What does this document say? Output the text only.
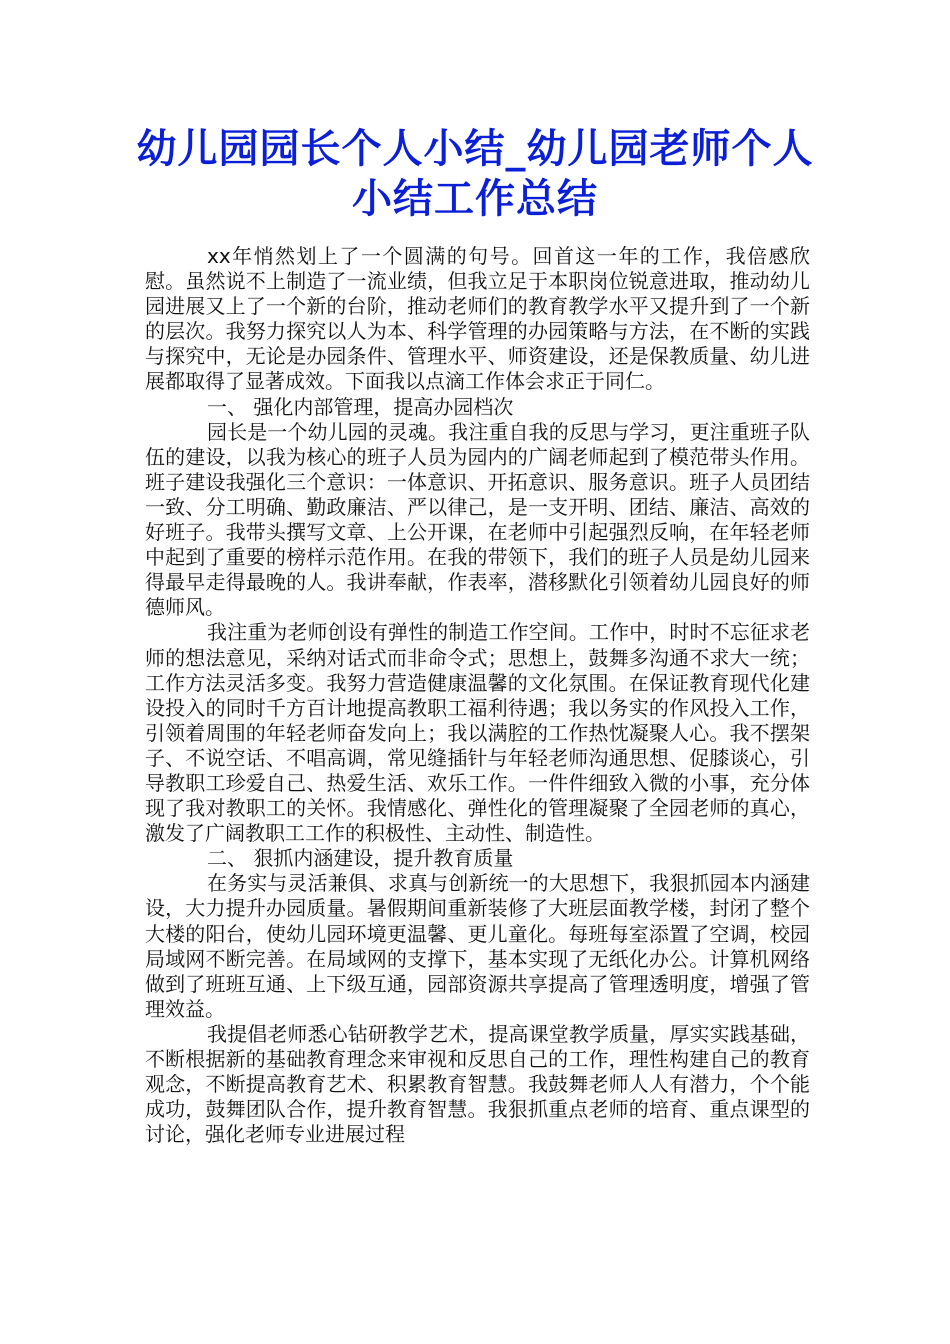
幼儿园园长个人小结_幼儿园老师个人小结工作总结

xx年悄然划上了一个圆满的句号。回首这一年的工作，我倍感欣慰。虽然说不上制造了一流业绩，但我立足于本职岗位锐意进取，推动幼儿园进展又上了一个新的台阶，推动老师们的教育教学水平又提升到了一个新的层次。我努力探究以人为本、科学管理的办园策略与方法，在不断的实践与探究中，无论是办园条件、管理水平、师资建设，还是保教质量、幼儿进展都取得了显著成效。下面我以点滴工作体会求正于同仁。

一、 强化内部管理，提高办园档次

园长是一个幼儿园的灵魂。我注重自我的反思与学习，更注重班子队伍的建设，以我为核心的班子人员为园内的广阔老师起到了模范带头作用。班子建设我强化三个意识：一体意识、开拓意识、服务意识。班子人员团结一致、分工明确、勤政廉洁、严以律己，是一支开明、团结、廉洁、高效的好班子。我带头撰写文章、上公开课，在老师中引起强烈反响，在年轻老师中起到了重要的榜样示范作用。在我的带领下，我们的班子人员是幼儿园来得最早走得最晚的人。我讲奉献，作表率，潜移默化引领着幼儿园良好的师德师风。

我注重为老师创设有弹性的制造工作空间。工作中，时时不忘征求老师的想法意见，采纳对话式而非命令式；思想上，鼓舞多沟通不求大一统；工作方法灵活多变。我努力营造健康温馨的文化氛围。在保证教育现代化建设投入的同时千方百计地提高教职工福利待遇；我以务实的作风投入工作，引领着周围的年轻老师奋发向上；我以满腔的工作热忱凝聚人心。我不摆架子、不说空话、不唱高调，常见缝插针与年轻老师沟通思想、促膝谈心，引导教职工珍爱自己、热爱生活、欢乐工作。一件件细致入微的小事，充分体现了我对教职工的关怀。我情感化、弹性化的管理凝聚了全园老师的真心，激发了广阔教职工工作的积极性、主动性、制造性。

二、 狠抓内涵建设，提升教育质量

在务实与灵活兼俱、求真与创新统一的大思想下，我狠抓园本内涵建设，大力提升办园质量。暑假期间重新装修了大班层面教学楼，封闭了整个大楼的阳台，使幼儿园环境更温馨、更儿童化。每班每室添置了空调，校园局域网不断完善。在局域网的支撑下，基本实现了无纸化办公。计算机网络做到了班班互通、上下级互通，园部资源共享提高了管理透明度，增强了管理效益。

我提倡老师悉心钻研教学艺术，提高课堂教学质量，厚实实践基础，不断根据新的基础教育理念来审视和反思自己的工作，理性构建自己的教育观念，不断提高教育艺术、积累教育智慧。我鼓舞老师人人有潜力，个个能成功，鼓舞团队合作，提升教育智慧。我狠抓重点老师的培育、重点课型的讨论，强化老师专业进展过程
